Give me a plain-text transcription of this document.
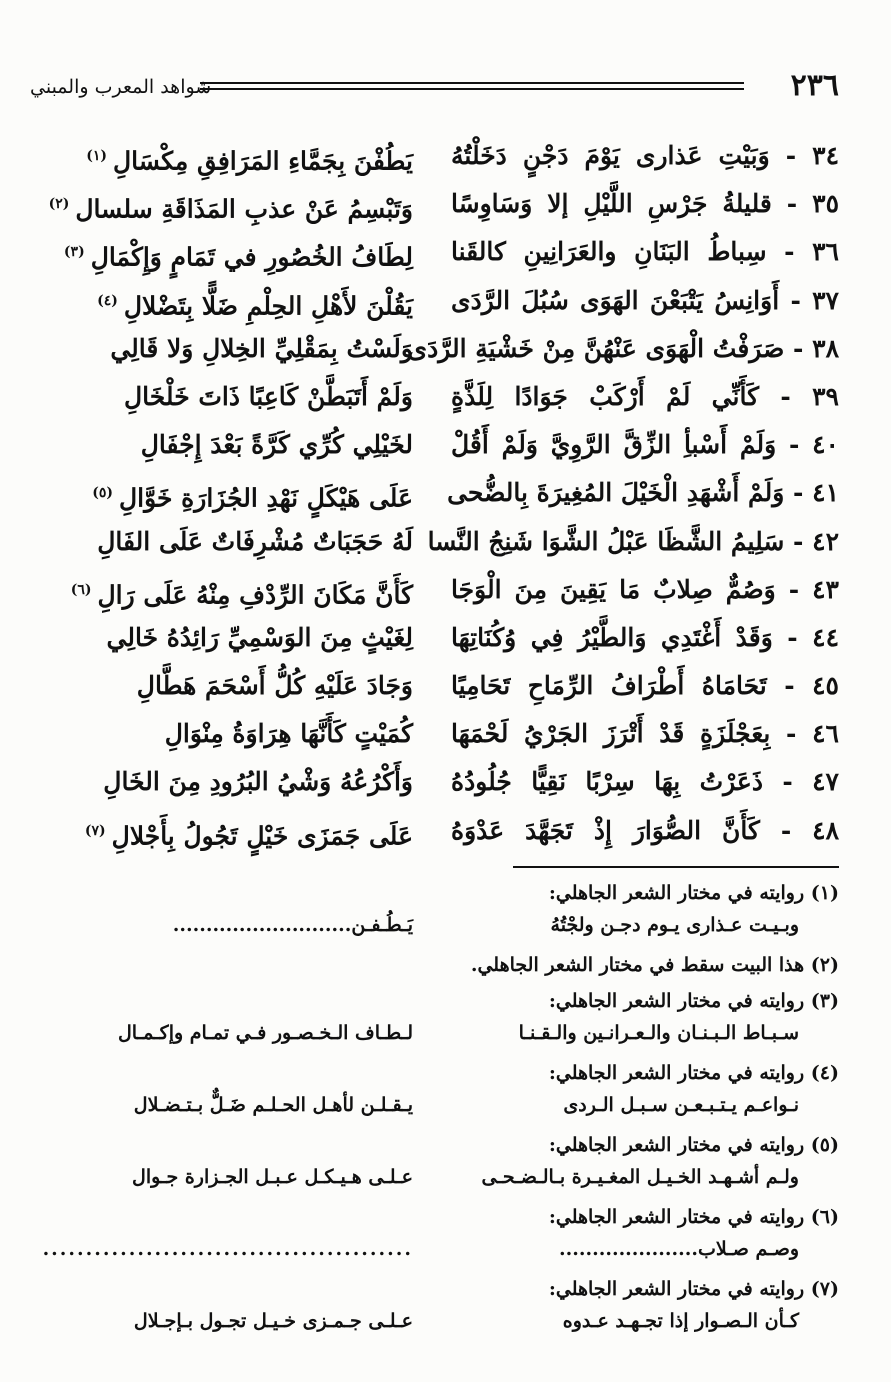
٢٣٦
شواهد المعرب والمبني
٣٤ - وَبَيْتِ عَذارى يَوْمَ دَجْنٍ دَخَلْتُهُ
يَطُفْنَ بِجَمَّاءِ المَرَافِقِ مِكْسَالِ$^{(١)}$
٣٥ - قليلةُ جَرْسِ اللَّيْلِ إلا وَسَاوِسًا
وَتَبْسِمُ عَنْ عذبِ المَذَاقَةِ سلسال$^{(٢)}$
٣٦ - سِباطُ البَنَانِ والعَرَانِينِ كالقَنا
لِطَافُ الخُصُورِ في تَمَامٍ وَإِكْمَالِ$^{(٣)}$
٣٧ - أَوَانِسُ يَتْبَعْنَ الهَوَى سُبُلَ الرَّدَى
يَقُلْنَ لأَهْلِ الحِلْمِ ضَلًّا بِتَضْلالِ$^{(٤)}$
٣٨ - صَرَفْتُ الْهَوَى عَنْهُنَّ مِنْ خَشْيَةِ الرَّدَى
وَلَسْتُ بِمَقْلِيِّ الخِلالِ وَلا قَالِي
٣٩ - كَأَنِّي لَمْ أَرْكَبْ جَوَادًا لِلَذَّةٍ
وَلَمْ أَتَبَطَّنْ كَاعِبًا ذَاتَ خَلْخَالِ
٤٠ - وَلَمْ أَسْبأِ الزِّقَّ الرَّوِيَّ وَلَمْ أَقُلْ
لخَيْلِي كُرِّي كَرَّةً بَعْدَ إِجْفَالِ
٤١ - وَلَمْ أَشْهَدِ الْخَيْلَ المُغِيرَةَ بِالضُّحى
عَلَى هَيْكَلٍ نَهْدِ الجُزَارَةِ خَوَّالِ$^{(٥)}$
٤٢ - سَلِيمُ الشَّظَا عَبْلُ الشَّوَا شَنِجُ النَّسا
لَهُ حَجَبَاتٌ مُشْرِفَاتٌ عَلَى الفَالِ
٤٣ - وَصُمٌّ صِلابٌ مَا يَقِينَ مِنَ الْوَجَا
كَأَنَّ مَكَانَ الرِّدْفِ مِنْهُ عَلَى رَالِ$^{(٦)}$
٤٤ - وَقَدْ أَغْتَدِي وَالطَّيْرُ فِي وُكُنَاتِهَا
لِغَيْثٍ مِنَ الوَسْمِيِّ رَائِدُهُ خَالِي
٤٥ - تَحَامَاهُ أَطْرَافُ الرِّمَاحِ تَحَامِيًا
وَجَادَ عَلَيْهِ كُلُّ أَسْحَمَ هَطَّالِ
٤٦ - بِعَجْلَزَةٍ قَدْ أَتْرَزَ الجَرْيُ لَحْمَهَا
كُمَيْتٍ كَأَنَّهَا هِرَاوَةُ مِنْوَالِ
٤٧ - ذَعَرْتُ بِهَا سِرْبًا نَقِيًّا جُلُودُهُ
وَأَكْرُعُهُ وَشْيُ البُرُودِ مِنَ الخَالِ
٤٨ - كَأَنَّ الصُّوَارَ إِذْ تَجَهَّدَ عَدْوَهُ
عَلَى جَمَزَى خَيْلٍ تَجُولُ بِأَجْلالِ$^{(٧)}$
(١) روايته في مختار الشعر الجاهلي:
وبـيـت عـذارى يـوم دجـن ولجْتُهُ
يَـطُـفـن...........................
(٢) هذا البيت سقط في مختار الشعر الجاهلي.
(٣) روايته في مختار الشعر الجاهلي:
سـبـاط الـبـنـان والـعـرانـين والـقـنـا
لـطـاف الـخـصـور فـي تمـام وإكـمـال
(٤) روايته في مختار الشعر الجاهلي:
نـواعـم يـتـبـعـن سـبـل الـردى
يـقـلـن لأهـل الحـلـم ضَـلٌّ بـتـضـلال
(٥) روايته في مختار الشعر الجاهلي:
ولـم أشـهـد الخـيـل المغـيـرة بـالـضـحـى
عـلـى هـيـكـل عـبـل الجـزارة جـوال
(٦) روايته في مختار الشعر الجاهلي:
وصـم صـلاب.....................
...........................................
(٧) روايته في مختار الشعر الجاهلي:
كـأن الـصـوار إذا تجـهـد عـدوه
عـلـى جـمـزى خـيـل تجـول بـإجـلال
